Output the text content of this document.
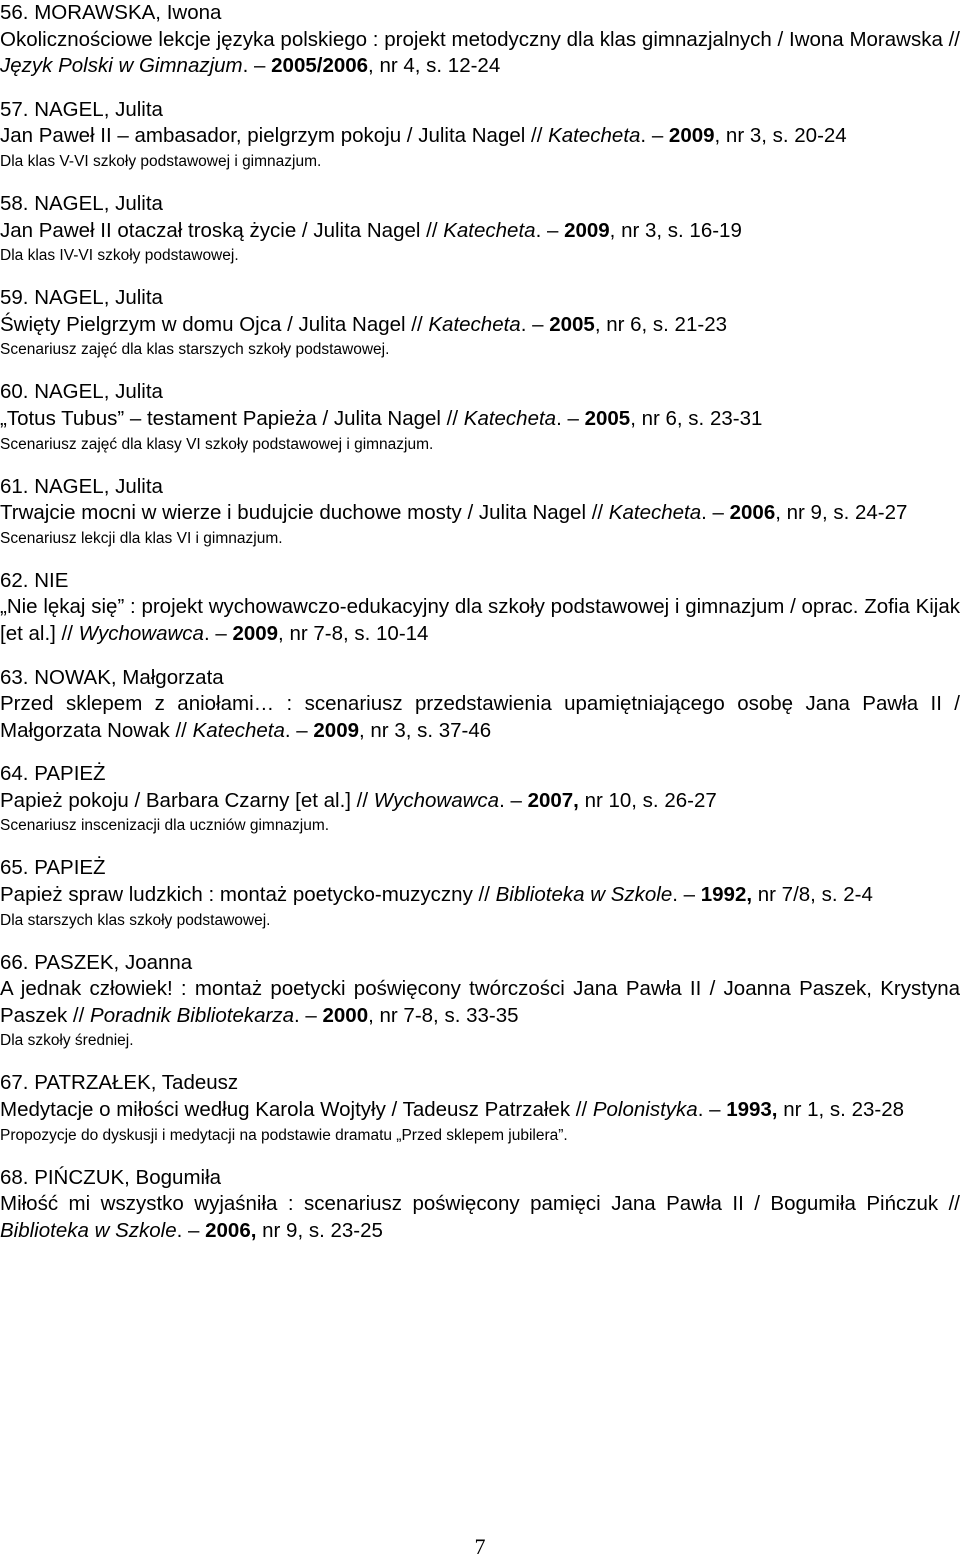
56. MORAWSKA, Iwona
Okolicznościowe lekcje języka polskiego : projekt metodyczny dla klas gimnazjalnych / Iwona Morawska // Język Polski w Gimnazjum. – 2005/2006, nr 4, s. 12-24
57. NAGEL, Julita
Jan Paweł II – ambasador, pielgrzym pokoju / Julita Nagel // Katecheta. – 2009, nr 3, s. 20-24
Dla klas V-VI szkoły podstawowej i gimnazjum.
58. NAGEL, Julita
Jan Paweł II otaczał troską życie / Julita Nagel // Katecheta. – 2009, nr 3, s. 16-19
Dla klas IV-VI szkoły podstawowej.
59. NAGEL, Julita
Święty Pielgrzym w domu Ojca / Julita Nagel // Katecheta. – 2005, nr 6, s. 21-23
Scenariusz zajęć dla klas starszych szkoły podstawowej.
60. NAGEL, Julita
„Totus Tubus” – testament Papieża / Julita Nagel // Katecheta. – 2005, nr 6, s. 23-31
Scenariusz zajęć dla klasy VI szkoły podstawowej i gimnazjum.
61. NAGEL, Julita
Trwajcie mocni w wierze i budujcie duchowe mosty / Julita Nagel // Katecheta. – 2006, nr 9, s. 24-27
Scenariusz lekcji dla klas VI i gimnazjum.
62. NIE
„Nie lękaj się” : projekt wychowawczo-edukacyjny dla szkoły podstawowej i gimnazjum / oprac. Zofia Kijak [et al.] // Wychowawca. – 2009, nr 7-8, s. 10-14
63. NOWAK, Małgorzata
Przed sklepem z aniołami… : scenariusz przedstawienia upamiętniającego osobę Jana Pawła II / Małgorzata Nowak // Katecheta. – 2009, nr 3, s. 37-46
64. PAPIEŻ
Papież pokoju / Barbara Czarny [et al.] // Wychowawca. – 2007, nr 10, s. 26-27
Scenariusz inscenizacji dla uczniów gimnazjum.
65. PAPIEŻ
Papież spraw ludzkich : montaż poetycko-muzyczny // Biblioteka w Szkole. – 1992, nr 7/8, s. 2-4
Dla starszych klas szkoły podstawowej.
66. PASZEK, Joanna
A jednak człowiek! : montaż poetycki poświęcony twórczości Jana Pawła II / Joanna Paszek, Krystyna Paszek // Poradnik Bibliotekarza. – 2000, nr 7-8, s. 33-35
Dla szkoły średniej.
67. PATRZAŁEK, Tadeusz
Medytacje o miłości według Karola Wojtyły / Tadeusz Patrzałek // Polonistyka. – 1993, nr 1, s. 23-28
Propozycje do dyskusji i medytacji na podstawie dramatu „Przed sklepem jubilera”.
68. PIŃCZUK, Bogumiła
Miłość mi wszystko wyjaśniła : scenariusz poświęcony pamięci Jana Pawła II / Bogumiła Pińczuk // Biblioteka w Szkole. – 2006, nr 9, s. 23-25
7
